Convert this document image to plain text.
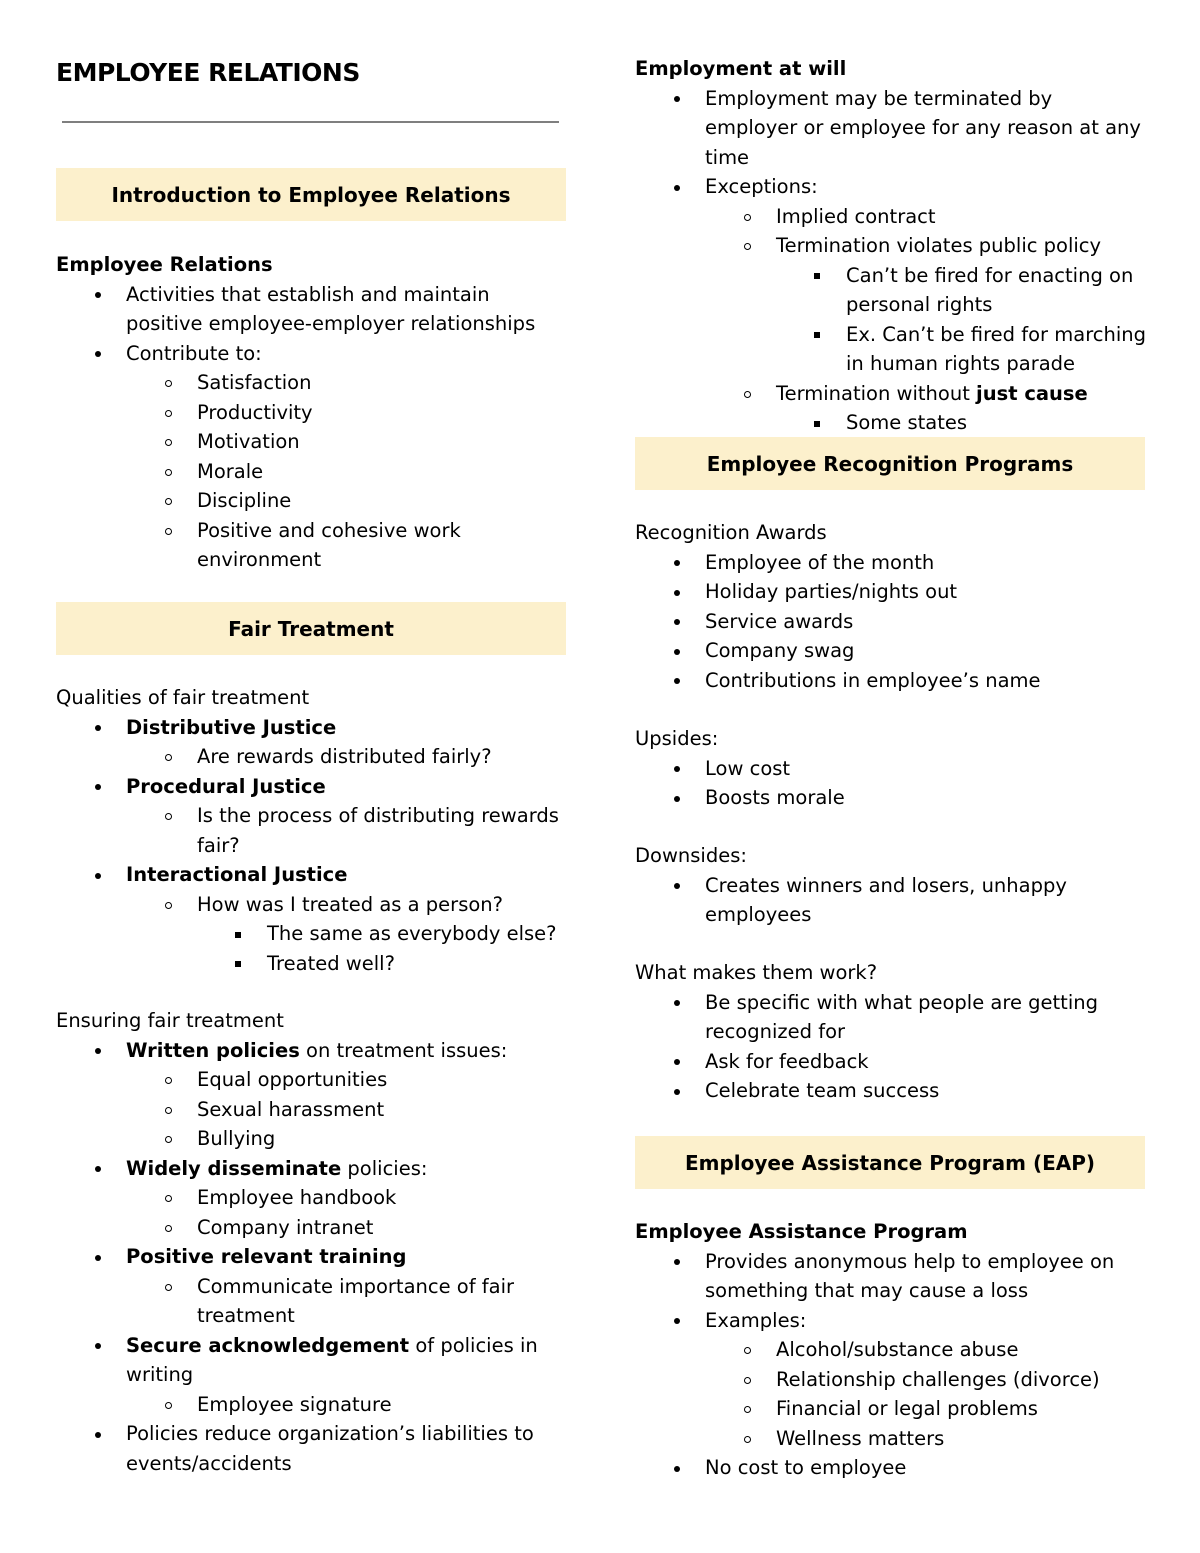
EMPLOYEE RELATIONS
Introduction to Employee Relations
Employee Relations
Activities that establish and maintain positive employee-employer relationships
Contribute to:
Satisfaction
Productivity
Motivation
Morale
Discipline
Positive and cohesive work environment
Fair Treatment
Qualities of fair treatment
Distributive Justice
Are rewards distributed fairly?
Procedural Justice
Is the process of distributing rewards fair?
Interactional Justice
How was I treated as a person?
The same as everybody else?
Treated well?
Ensuring fair treatment
Written policies on treatment issues:
Equal opportunities
Sexual harassment
Bullying
Widely disseminate policies:
Employee handbook
Company intranet
Positive relevant training
Communicate importance of fair treatment
Secure acknowledgement of policies in writing
Employee signature
Policies reduce organization’s liabilities to events/accidents
Employment at will
Employment may be terminated by employer or employee for any reason at any time
Exceptions:
Implied contract
Termination violates public policy
Can’t be fired for enacting on personal rights
Ex. Can’t be fired for marching in human rights parade
Termination without just cause
Some states
Employee Recognition Programs
Recognition Awards
Employee of the month
Holiday parties/nights out
Service awards
Company swag
Contributions in employee’s name
Upsides:
Low cost
Boosts morale
Downsides:
Creates winners and losers, unhappy employees
What makes them work?
Be specific with what people are getting recognized for
Ask for feedback
Celebrate team success
Employee Assistance Program (EAP)
Employee Assistance Program
Provides anonymous help to employee on something that may cause a loss
Examples:
Alcohol/substance abuse
Relationship challenges (divorce)
Financial or legal problems
Wellness matters
No cost to employee
